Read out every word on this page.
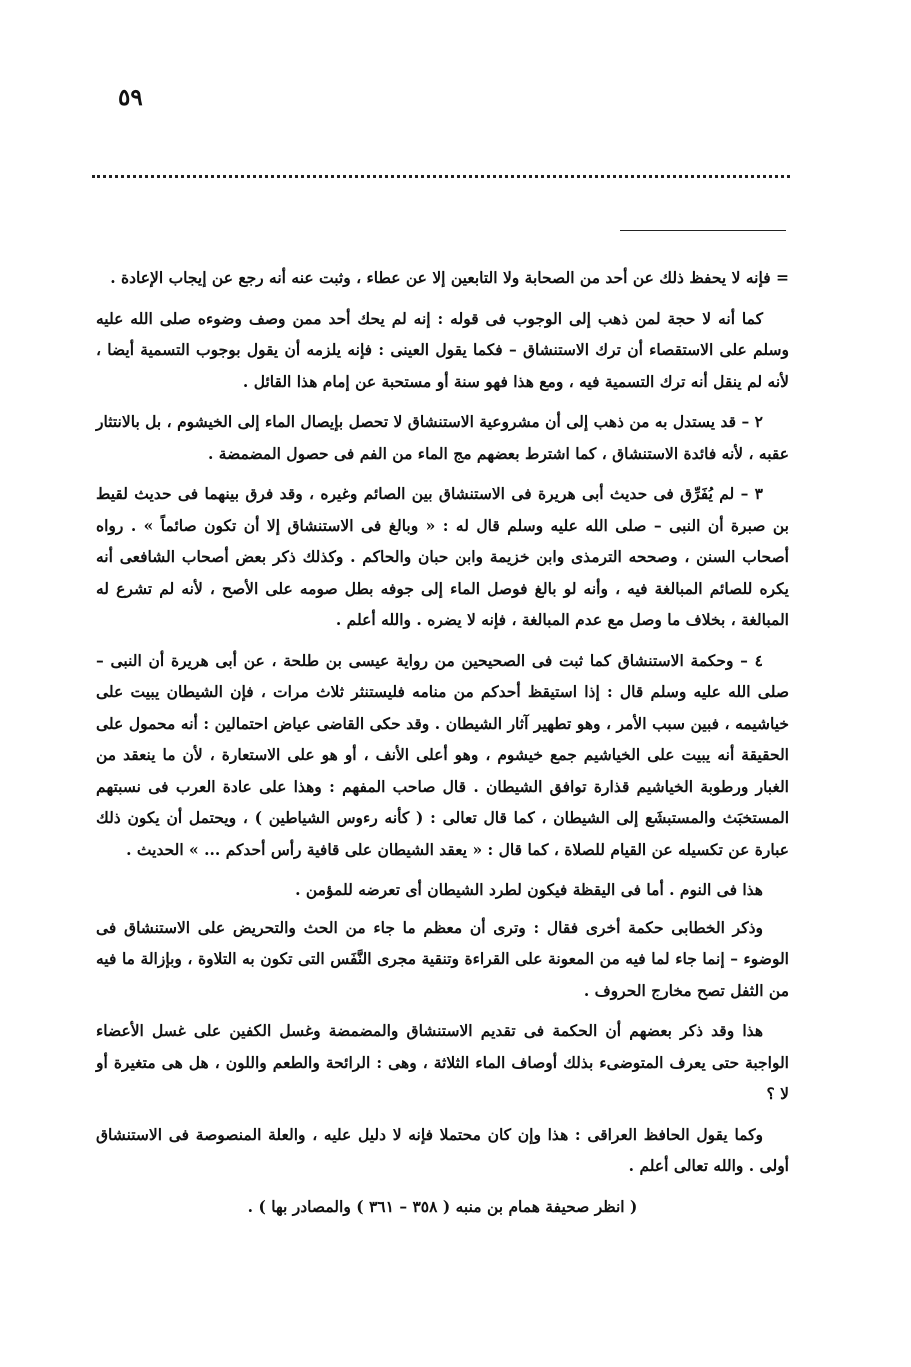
٥٩

= فإنه لا يحفظ ذلك عن أحد من الصحابة ولا التابعين إلا عن عطاء ، وثبت عنه أنه رجع عن إيجاب الإعادة .

كما أنه لا حجة لمن ذهب إلى الوجوب فى قوله : إنه لم يحك أحد ممن وصف وضوءه صلى الله عليه وسلم على الاستقصاء أن ترك الاستنشاق – فكما يقول العينى : فإنه يلزمه أن يقول بوجوب التسمية أيضا ، لأنه لم ينقل أنه ترك التسمية فيه ، ومع هذا فهو سنة أو مستحبة عن إمام هذا القائل .

٢ – قد يستدل به من ذهب إلى أن مشروعية الاستنشاق لا تحصل بإيصال الماء إلى الخيشوم ، بل بالانتثار عقبه ، لأنه فائدة الاستنشاق ، كما اشترط بعضهم مج الماء من الفم فى حصول المضمضة .

٣ – لم يُفَرِّق فى حديث أبى هريرة فى الاستنشاق بين الصائم وغيره ، وقد فرق بينهما فى حديث لقيط بن صبرة أن النبى – صلى الله عليه وسلم قال له : « وبالغ فى الاستنشاق إلا أن تكون صائماً » . رواه أصحاب السنن ، وصححه الترمذى وابن خزيمة وابن حبان والحاكم . وكذلك ذكر بعض أصحاب الشافعى أنه يكره للصائم المبالغة فيه ، وأنه لو بالغ فوصل الماء إلى جوفه بطل صومه على الأصح ، لأنه لم تشرع له المبالغة ، بخلاف ما وصل مع عدم المبالغة ، فإنه لا يضره . والله أعلم .

٤ – وحكمة الاستنشاق كما ثبت فى الصحيحين من رواية عيسى بن طلحة ، عن أبى هريرة أن النبى – صلى الله عليه وسلم قال : إذا استيقظ أحدكم من منامه فليستنثر ثلاث مرات ، فإن الشيطان يبيت على خياشيمه ، فبين سبب الأمر ، وهو تطهير آثار الشيطان . وقد حكى القاضى عياض احتمالين : أنه محمول على الحقيقة أنه يبيت على الخياشيم جمع خيشوم ، وهو أعلى الأنف ، أو هو على الاستعارة ، لأن ما ينعقد من الغبار ورطوبة الخياشيم قذارة توافق الشيطان . قال صاحب المفهم : وهذا على عادة العرب فى نسبتهم المستخبَث والمستبشَع إلى الشيطان ، كما قال تعالى : ( كأنه رءوس الشياطين ) ، ويحتمل أن يكون ذلك عبارة عن تكسيله عن القيام للصلاة ، كما قال : « يعقد الشيطان على قافية رأس أحدكم ... » الحديث .

هذا فى النوم . أما فى اليقظة فيكون لطرد الشيطان أى تعرضه للمؤمن .

وذكر الخطابى حكمة أخرى فقال : وترى أن معظم ما جاء من الحث والتحريض على الاستنشاق فى الوضوء – إنما جاء لما فيه من المعونة على القراءة وتنقية مجرى النَّفَس التى تكون به التلاوة ، وبإزالة ما فيه من الثفل تصح مخارج الحروف .

هذا وقد ذكر بعضهم أن الحكمة فى تقديم الاستنشاق والمضمضة وغسل الكفين على غسل الأعضاء الواجبة حتى يعرف المتوضىء بذلك أوصاف الماء الثلاثة ، وهى : الرائحة والطعم واللون ، هل هى متغيرة أو لا ؟

وكما يقول الحافظ العراقى : هذا وإن كان محتملا فإنه لا دليل عليه ، والعلة المنصوصة فى الاستنشاق أولى . والله تعالى أعلم .

( انظر صحيفة همام بن منبه ( ٣٥٨ – ٣٦١ ) والمصادر بها ) .
